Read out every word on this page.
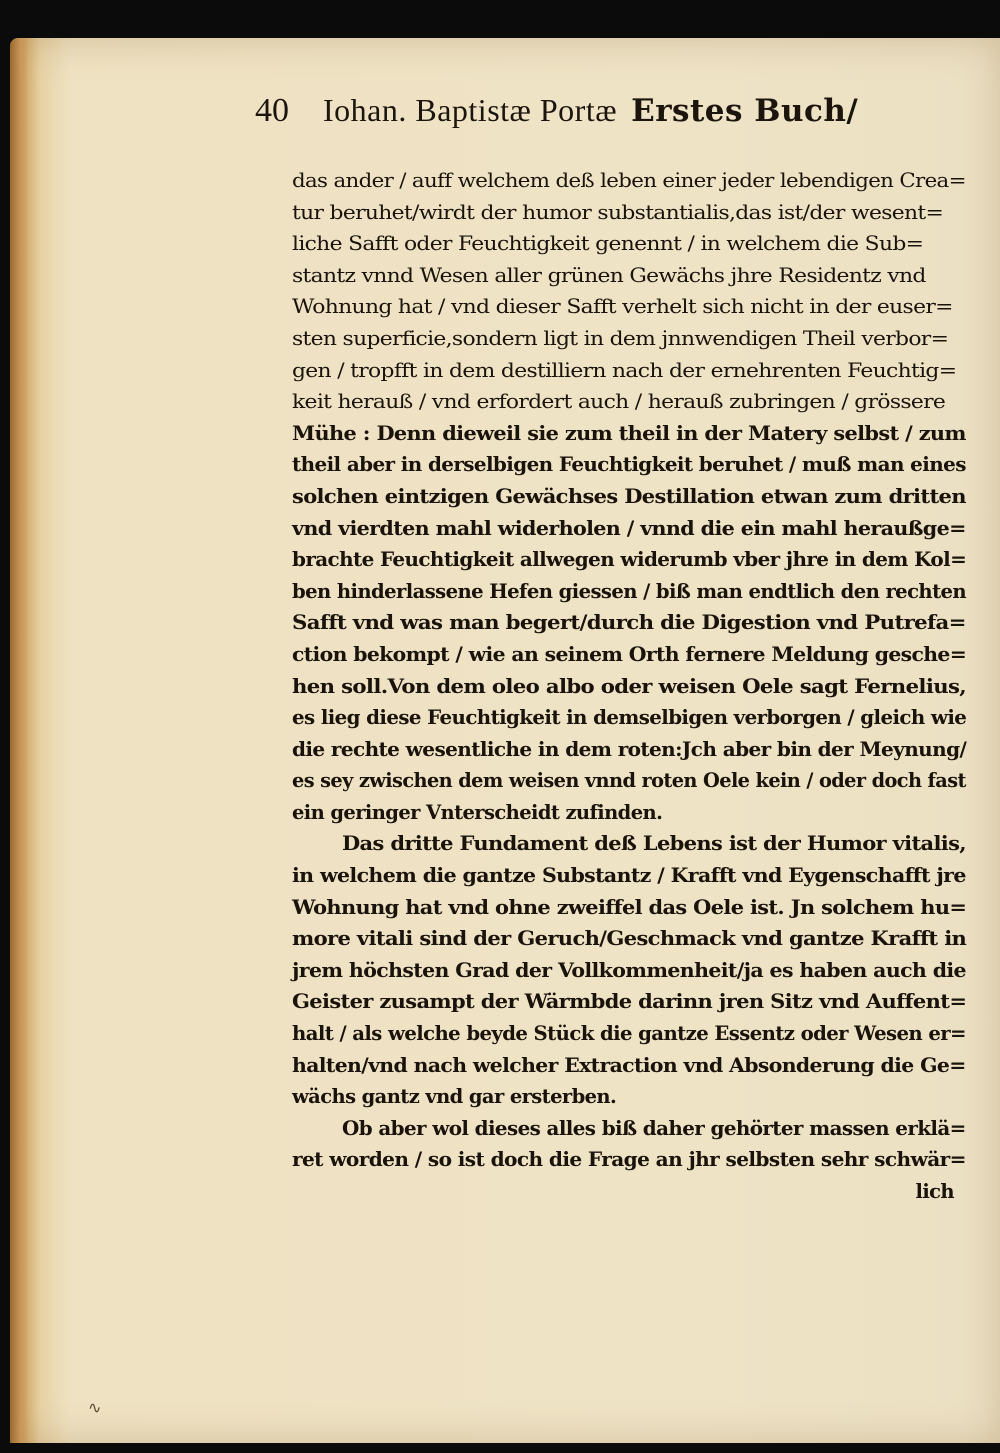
40 Iohan. Baptistæ Portæ Erstes Buch/
das ander / auff welchem deß leben einer jeder lebendigen Crea=
tur beruhet/wirdt der humor substantialis,das ist/der wesent=
liche Safft oder Feuchtigkeit genennt / in welchem die Sub=
stantz vnnd Wesen aller grünen Gewächs jhre Residentz vnd
Wohnung hat / vnd dieser Safft verhelt sich nicht in der euser=
sten superficie,sondern ligt in dem jnnwendigen Theil verbor=
gen / tropfft in dem destilliern nach der ernehrenten Feuchtig=
keit herauß / vnd erfordert auch / herauß zubringen / grössere
Mühe : Denn dieweil sie zum theil in der Matery selbst / zum
theil aber in derselbigen Feuchtigkeit beruhet / muß man eines
solchen eintzigen Gewächses Destillation etwan zum dritten
vnd vierdten mahl widerholen / vnnd die ein mahl heraußge=
brachte Feuchtigkeit allwegen widerumb vber jhre in dem Kol=
ben hinderlassene Hefen giessen / biß man endtlich den rechten
Safft vnd was man begert/durch die Digestion vnd Putrefa=
ction bekompt / wie an seinem Orth fernere Meldung gesche=
hen soll.Von dem oleo albo oder weisen Oele sagt Fernelius,
es lieg diese Feuchtigkeit in demselbigen verborgen / gleich wie
die rechte wesentliche in dem roten:Jch aber bin der Meynung/
es sey zwischen dem weisen vnnd roten Oele kein / oder doch fast
ein geringer Vnterscheidt zufinden.
Das dritte Fundament deß Lebens ist der Humor vitalis,
in welchem die gantze Substantz / Krafft vnd Eygenschafft jre
Wohnung hat vnd ohne zweiffel das Oele ist. Jn solchem hu=
more vitali sind der Geruch/Geschmack vnd gantze Krafft in
jrem höchsten Grad der Vollkommenheit/ja es haben auch die
Geister zusampt der Wärmbde darinn jren Sitz vnd Auffent=
halt / als welche beyde Stück die gantze Essentz oder Wesen er=
halten/vnd nach welcher Extraction vnd Absonderung die Ge=
wächs gantz vnd gar ersterben.
Ob aber wol dieses alles biß daher gehörter massen erklä=
ret worden / so ist doch die Frage an jhr selbsten sehr schwär=
lich
∿
